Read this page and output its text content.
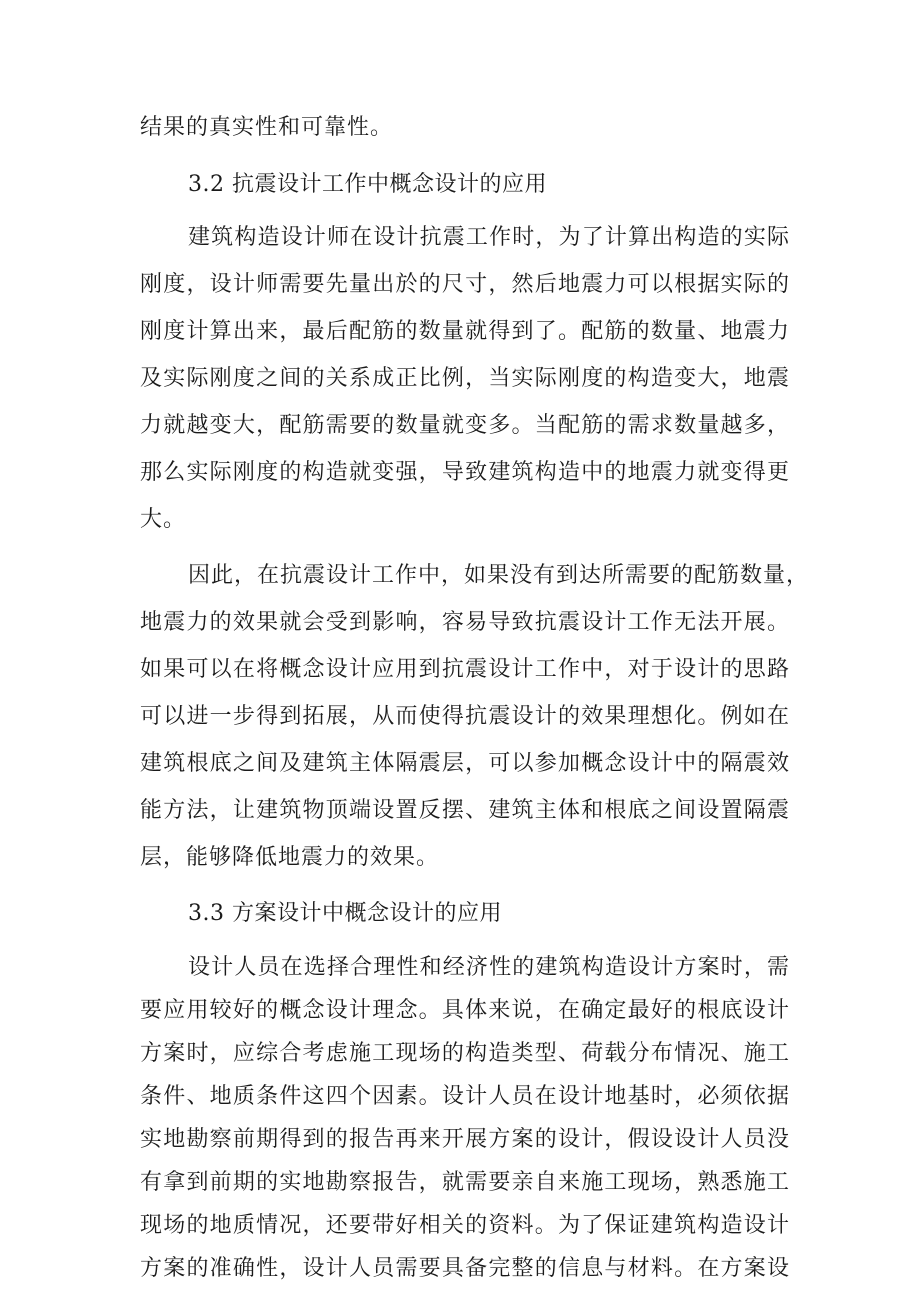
结果的真实性和可靠性。
3.2 抗震设计工作中概念设计的应用
建筑构造设计师在设计抗震工作时，为了计算出构造的实际
刚度，设计师需要先量出於的尺寸，然后地震力可以根据实际的
刚度计算出来，最后配筋的数量就得到了。配筋的数量、地震力
及实际刚度之间的关系成正比例，当实际刚度的构造变大，地震
力就越变大，配筋需要的数量就变多。当配筋的需求数量越多，
那么实际刚度的构造就变强，导致建筑构造中的地震力就变得更
大。
因此，在抗震设计工作中，如果没有到达所需要的配筋数量，
地震力的效果就会受到影响，容易导致抗震设计工作无法开展。
如果可以在将概念设计应用到抗震设计工作中，对于设计的思路
可以进一步得到拓展，从而使得抗震设计的效果理想化。例如在
建筑根底之间及建筑主体隔震层，可以参加概念设计中的隔震效
能方法，让建筑物顶端设置反摆、建筑主体和根底之间设置隔震
层，能够降低地震力的效果。
3.3 方案设计中概念设计的应用
设计人员在选择合理性和经济性的建筑构造设计方案时，需
要应用较好的概念设计理念。具体来说，在确定最好的根底设计
方案时，应综合考虑施工现场的构造类型、荷载分布情况、施工
条件、地质条件这四个因素。设计人员在设计地基时，必须依据
实地勘察前期得到的报告再来开展方案的设计，假设设计人员没
有拿到前期的实地勘察报告，就需要亲自来施工现场，熟悉施工
现场的地质情况，还要带好相关的资料。为了保证建筑构造设计
方案的准确性，设计人员需要具备完整的信息与材料。在方案设
